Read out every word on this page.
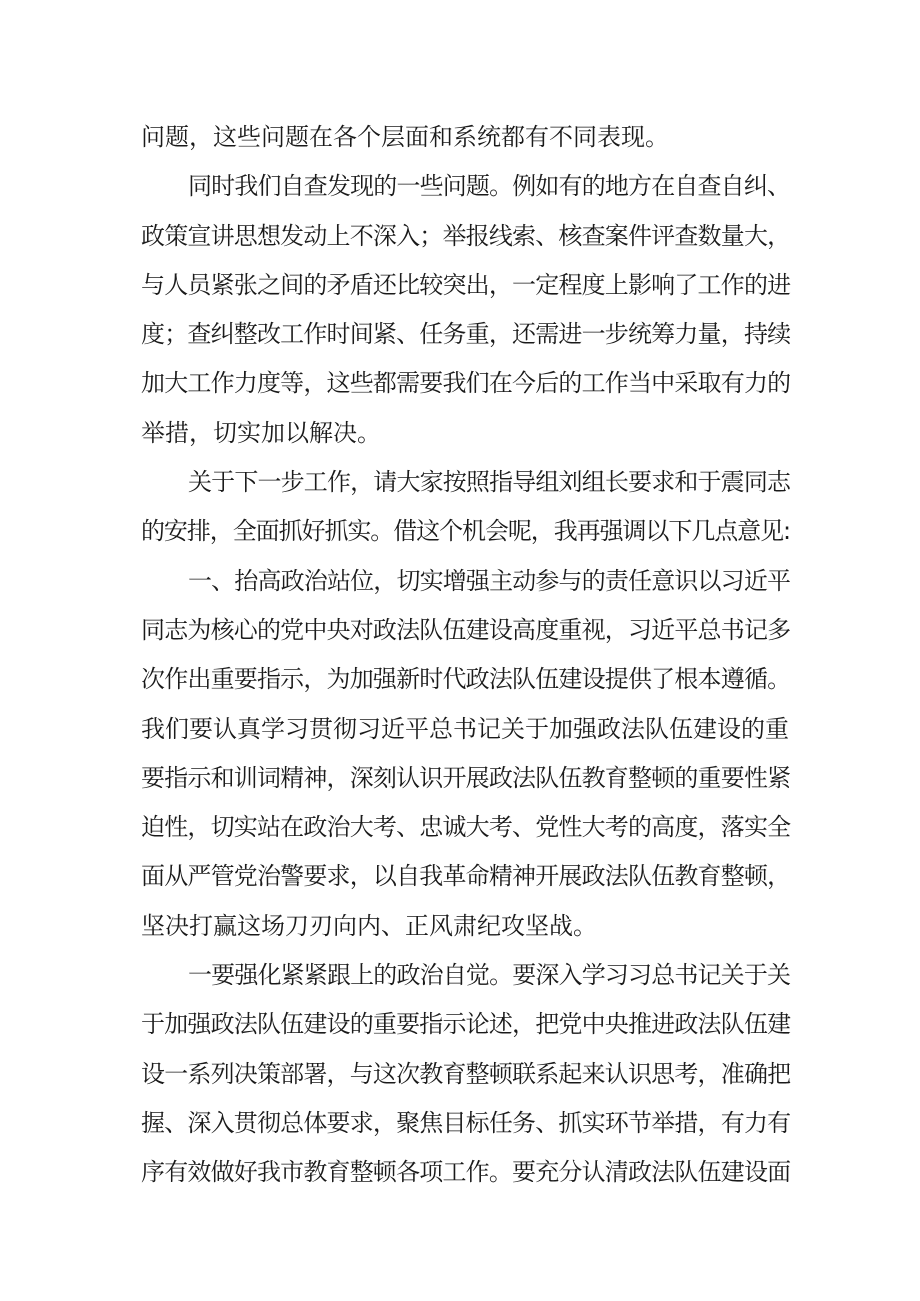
问题，这些问题在各个层面和系统都有不同表现。
同时我们自查发现的一些问题。例如有的地方在自查自纠、
政策宣讲思想发动上不深入；举报线索、核查案件评查数量大，
与人员紧张之间的矛盾还比较突出，一定程度上影响了工作的进
度；查纠整改工作时间紧、任务重，还需进一步统筹力量，持续
加大工作力度等，这些都需要我们在今后的工作当中采取有力的
举措，切实加以解决。
关于下一步工作，请大家按照指导组刘组长要求和于震同志
的安排，全面抓好抓实。借这个机会呢，我再强调以下几点意见:
一、抬高政治站位，切实增强主动参与的责任意识以习近平
同志为核心的党中央对政法队伍建设高度重视，习近平总书记多
次作出重要指示，为加强新时代政法队伍建设提供了根本遵循。
我们要认真学习贯彻习近平总书记关于加强政法队伍建设的重
要指示和训词精神，深刻认识开展政法队伍教育整顿的重要性紧
迫性，切实站在政治大考、忠诚大考、党性大考的高度，落实全
面从严管党治警要求，以自我革命精神开展政法队伍教育整顿，
坚决打赢这场刀刃向内、正风肃纪攻坚战。
一要强化紧紧跟上的政治自觉。要深入学习习总书记关于关
于加强政法队伍建设的重要指示论述，把党中央推进政法队伍建
设一系列决策部署，与这次教育整顿联系起来认识思考，准确把
握、深入贯彻总体要求，聚焦目标任务、抓实环节举措，有力有
序有效做好我市教育整顿各项工作。要充分认清政法队伍建设面
